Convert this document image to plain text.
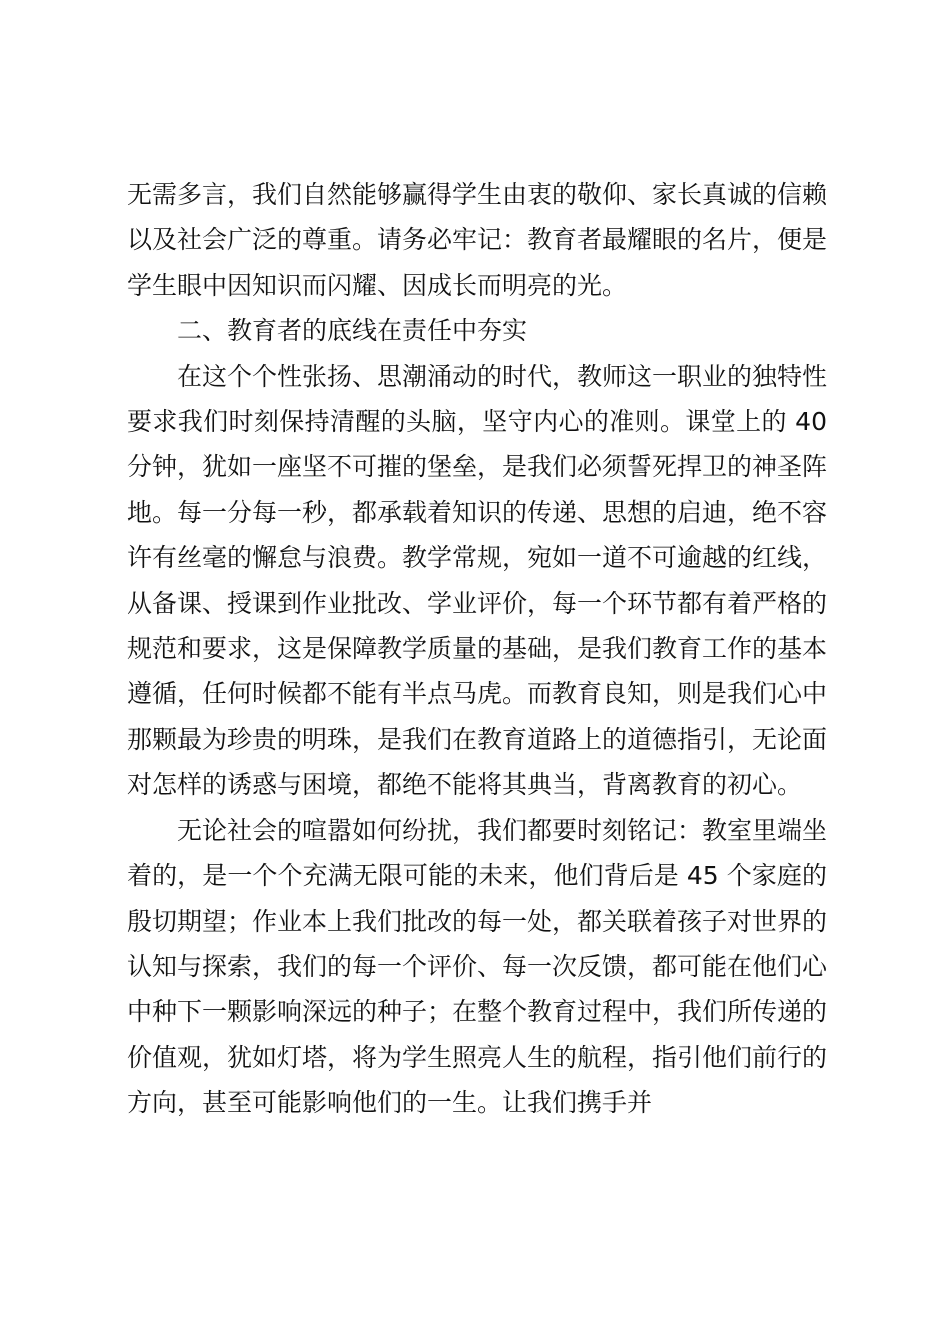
无需多言，我们自然能够赢得学生由衷的敬仰、家长真诚的信赖以及社会广泛的尊重。请务必牢记：教育者最耀眼的名片，便是学生眼中因知识而闪耀、因成长而明亮的光。

二、教育者的底线在责任中夯实

在这个个性张扬、思潮涌动的时代，教师这一职业的独特性要求我们时刻保持清醒的头脑，坚守内心的准则。课堂上的 40 分钟，犹如一座坚不可摧的堡垒，是我们必须誓死捍卫的神圣阵地。每一分每一秒，都承载着知识的传递、思想的启迪，绝不容许有丝毫的懈怠与浪费。教学常规，宛如一道不可逾越的红线，从备课、授课到作业批改、学业评价，每一个环节都有着严格的规范和要求，这是保障教学质量的基础，是我们教育工作的基本遵循，任何时候都不能有半点马虎。而教育良知，则是我们心中那颗最为珍贵的明珠，是我们在教育道路上的道德指引，无论面对怎样的诱惑与困境，都绝不能将其典当，背离教育的初心。

无论社会的喧嚣如何纷扰，我们都要时刻铭记：教室里端坐着的，是一个个充满无限可能的未来，他们背后是 45 个家庭的殷切期望；作业本上我们批改的每一处，都关联着孩子对世界的认知与探索，我们的每一个评价、每一次反馈，都可能在他们心中种下一颗影响深远的种子；在整个教育过程中，我们所传递的价值观，犹如灯塔，将为学生照亮人生的航程，指引他们前行的方向，甚至可能影响他们的一生。让我们携手并
